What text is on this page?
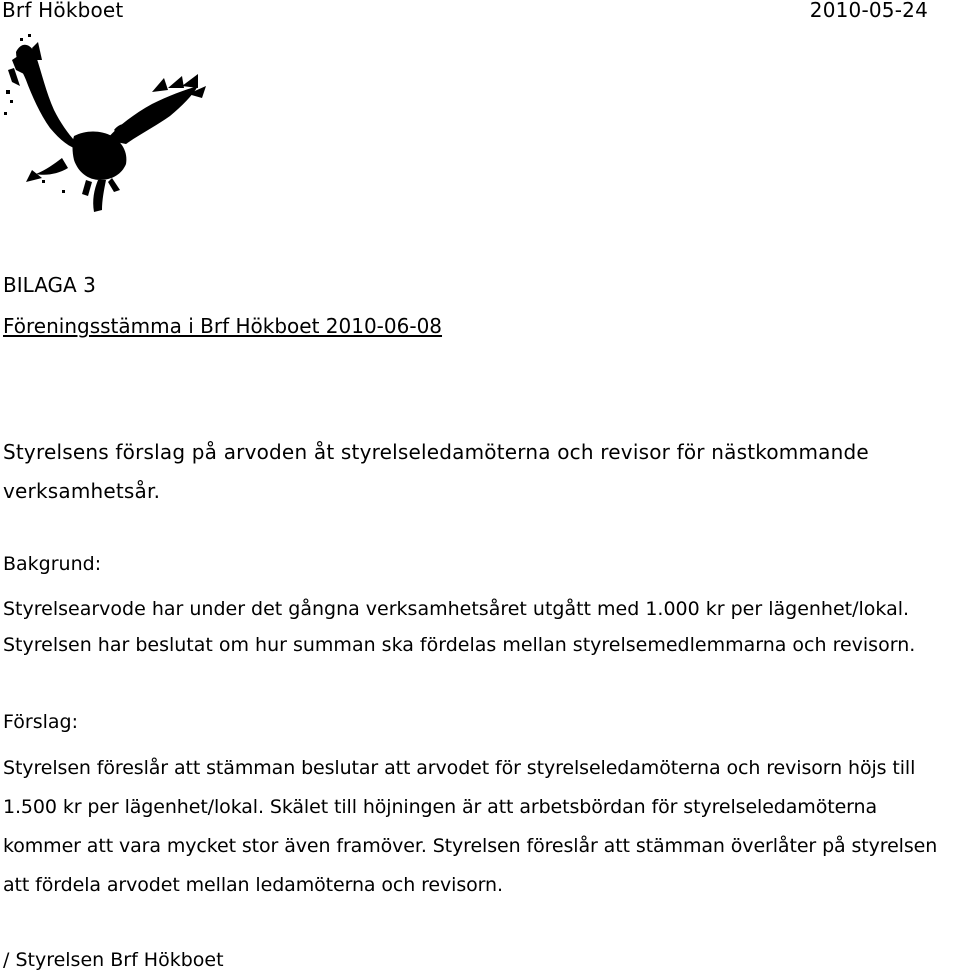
Brf Hökboet	2010-05-24
BILAGA 3
Föreningsstämma i Brf Hökboet 2010-06-08
Styrelsens förslag på arvoden åt styrelseledamöterna och revisor för nästkommande verksamhetsår.
Bakgrund:
Styrelsearvode har under det gångna verksamhetsåret utgått med 1.000 kr per lägenhet/lokal. Styrelsen har beslutat om hur summan ska fördelas mellan styrelsemedlemmarna och revisorn.
Förslag:
Styrelsen föreslår att stämman beslutar att arvodet för styrelseledamöterna och revisorn höjs till 1.500 kr per lägenhet/lokal. Skälet till höjningen är att arbetsbördan för styrelseledamöterna kommer att vara mycket stor även framöver. Styrelsen föreslår att stämman överlåter på styrelsen att fördela arvodet mellan ledamöterna och revisorn.
/ Styrelsen Brf Hökboet
